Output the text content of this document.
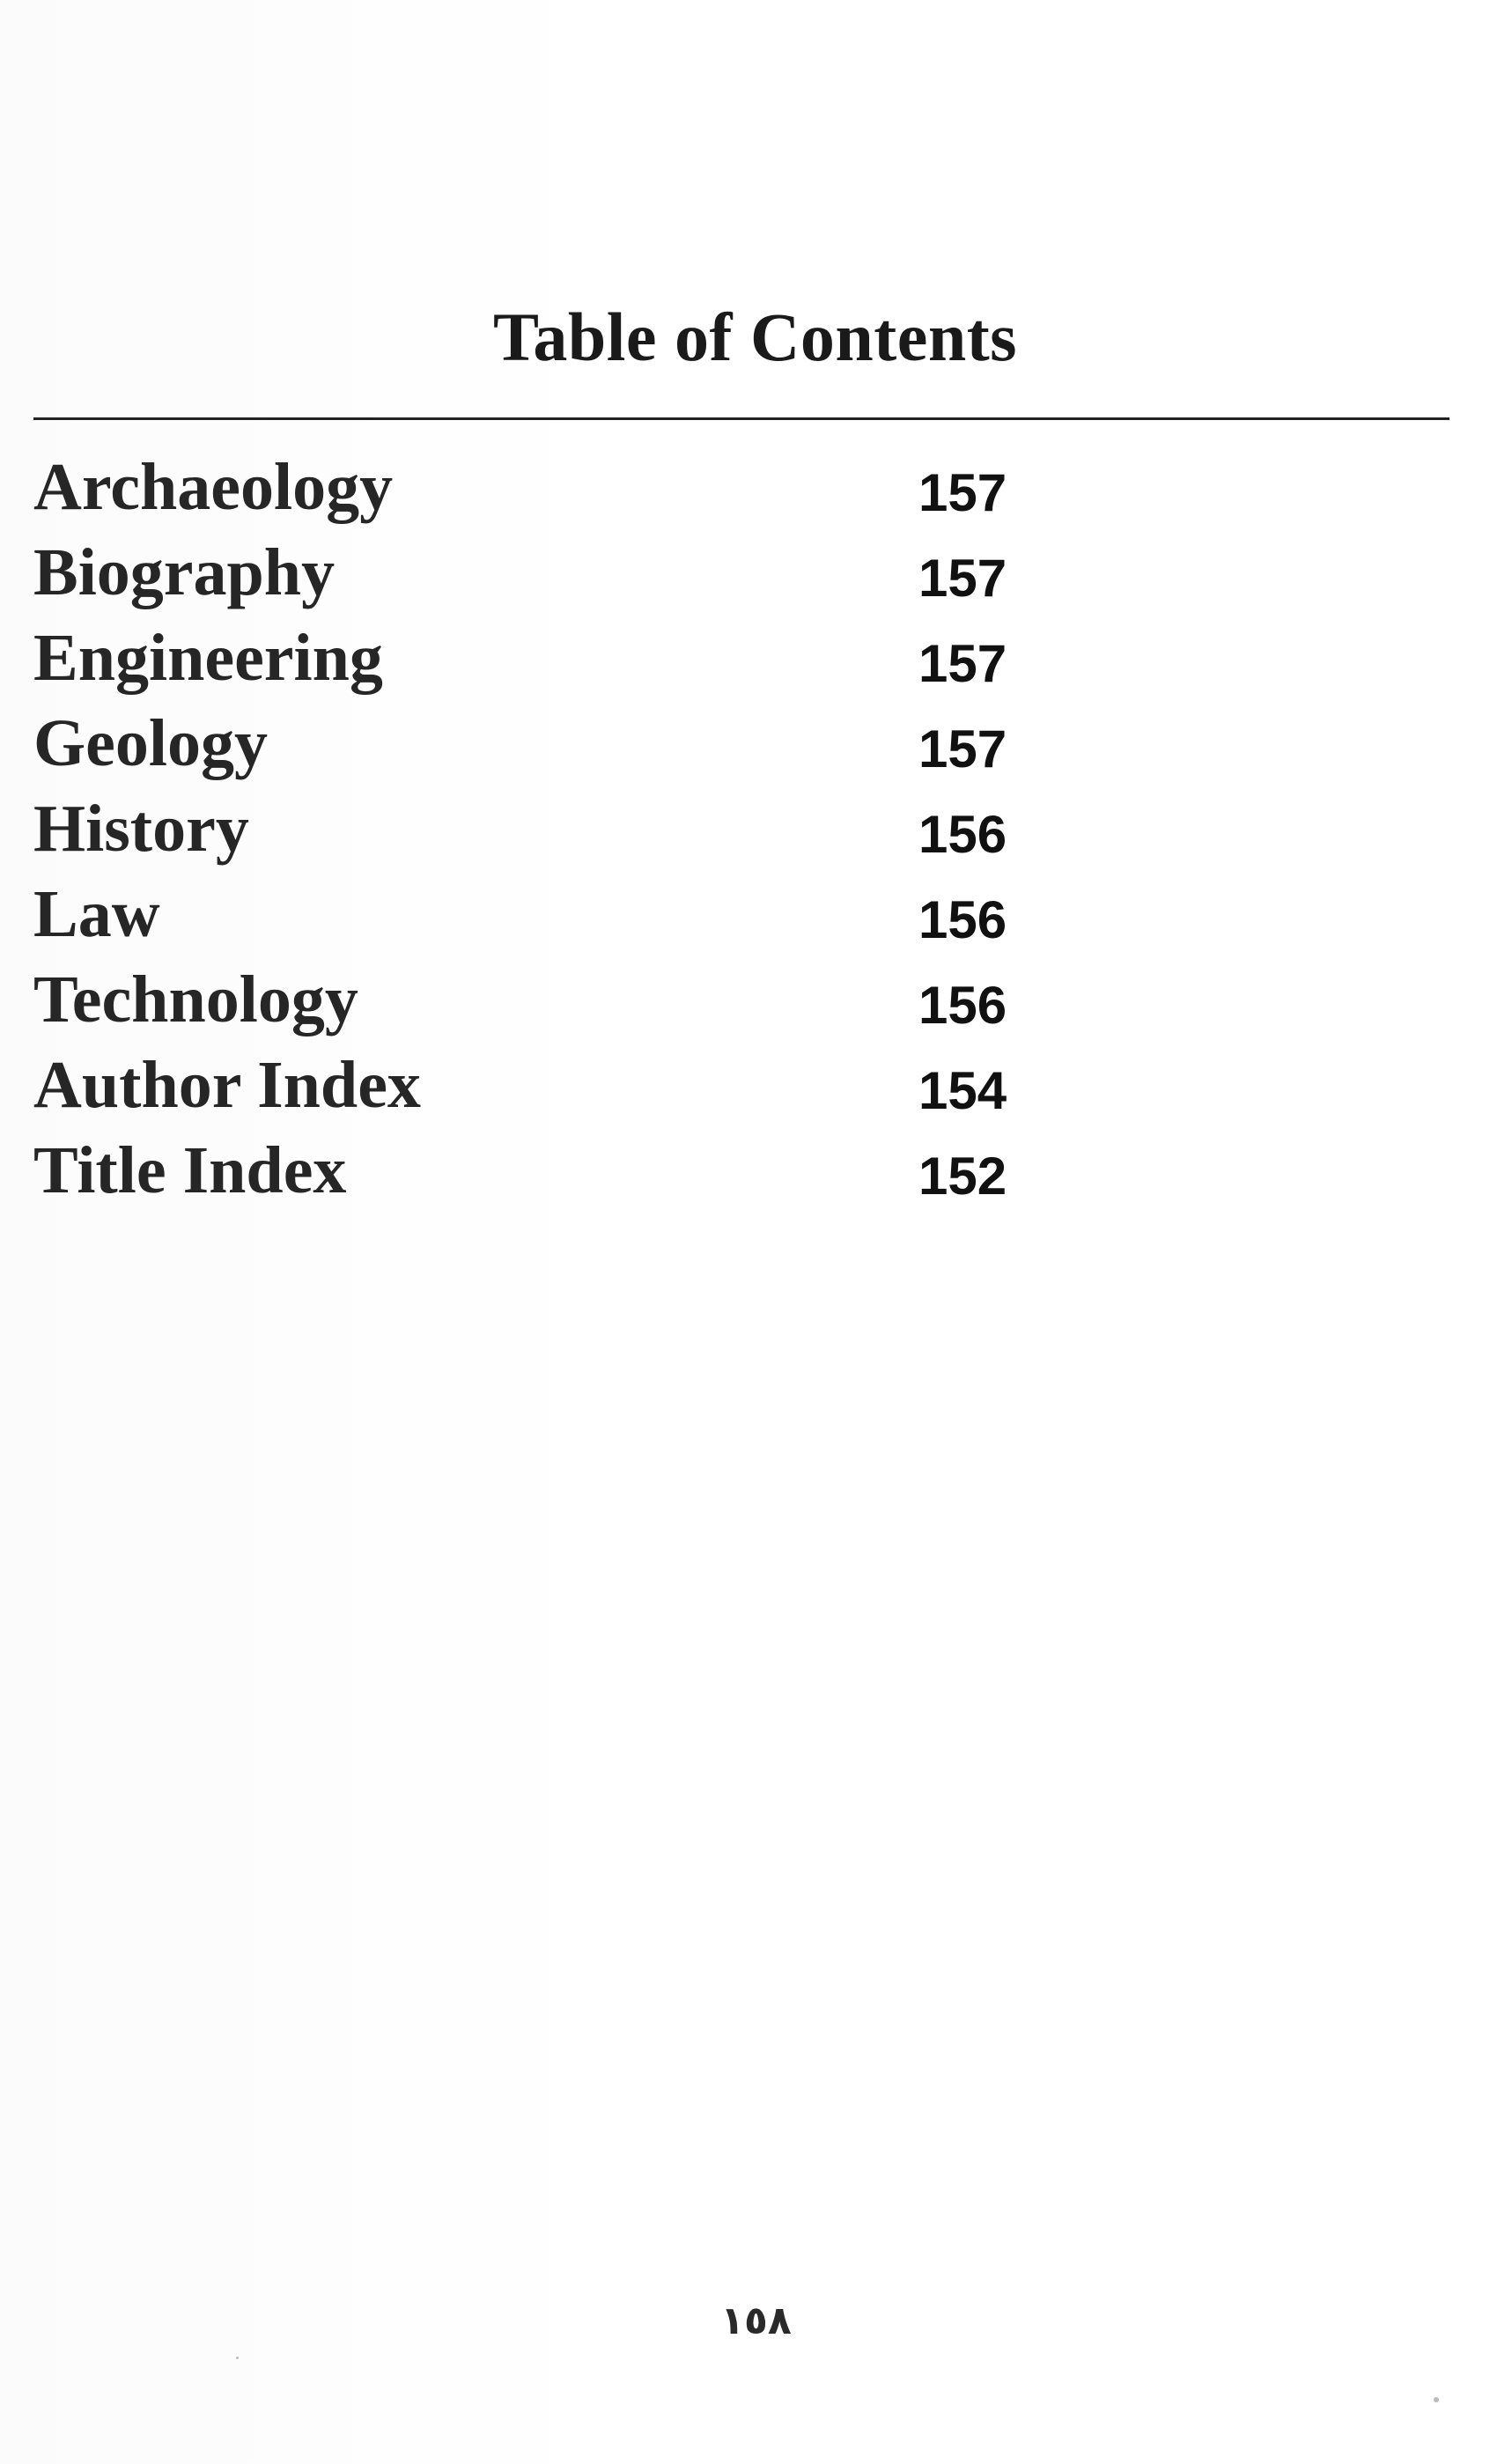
Table of Contents
Archaeology	157
Biography	157
Engineering	157
Geology	157
History	156
Law	156
Technology	156
Author Index	154
Title Index	152
١٥٨
